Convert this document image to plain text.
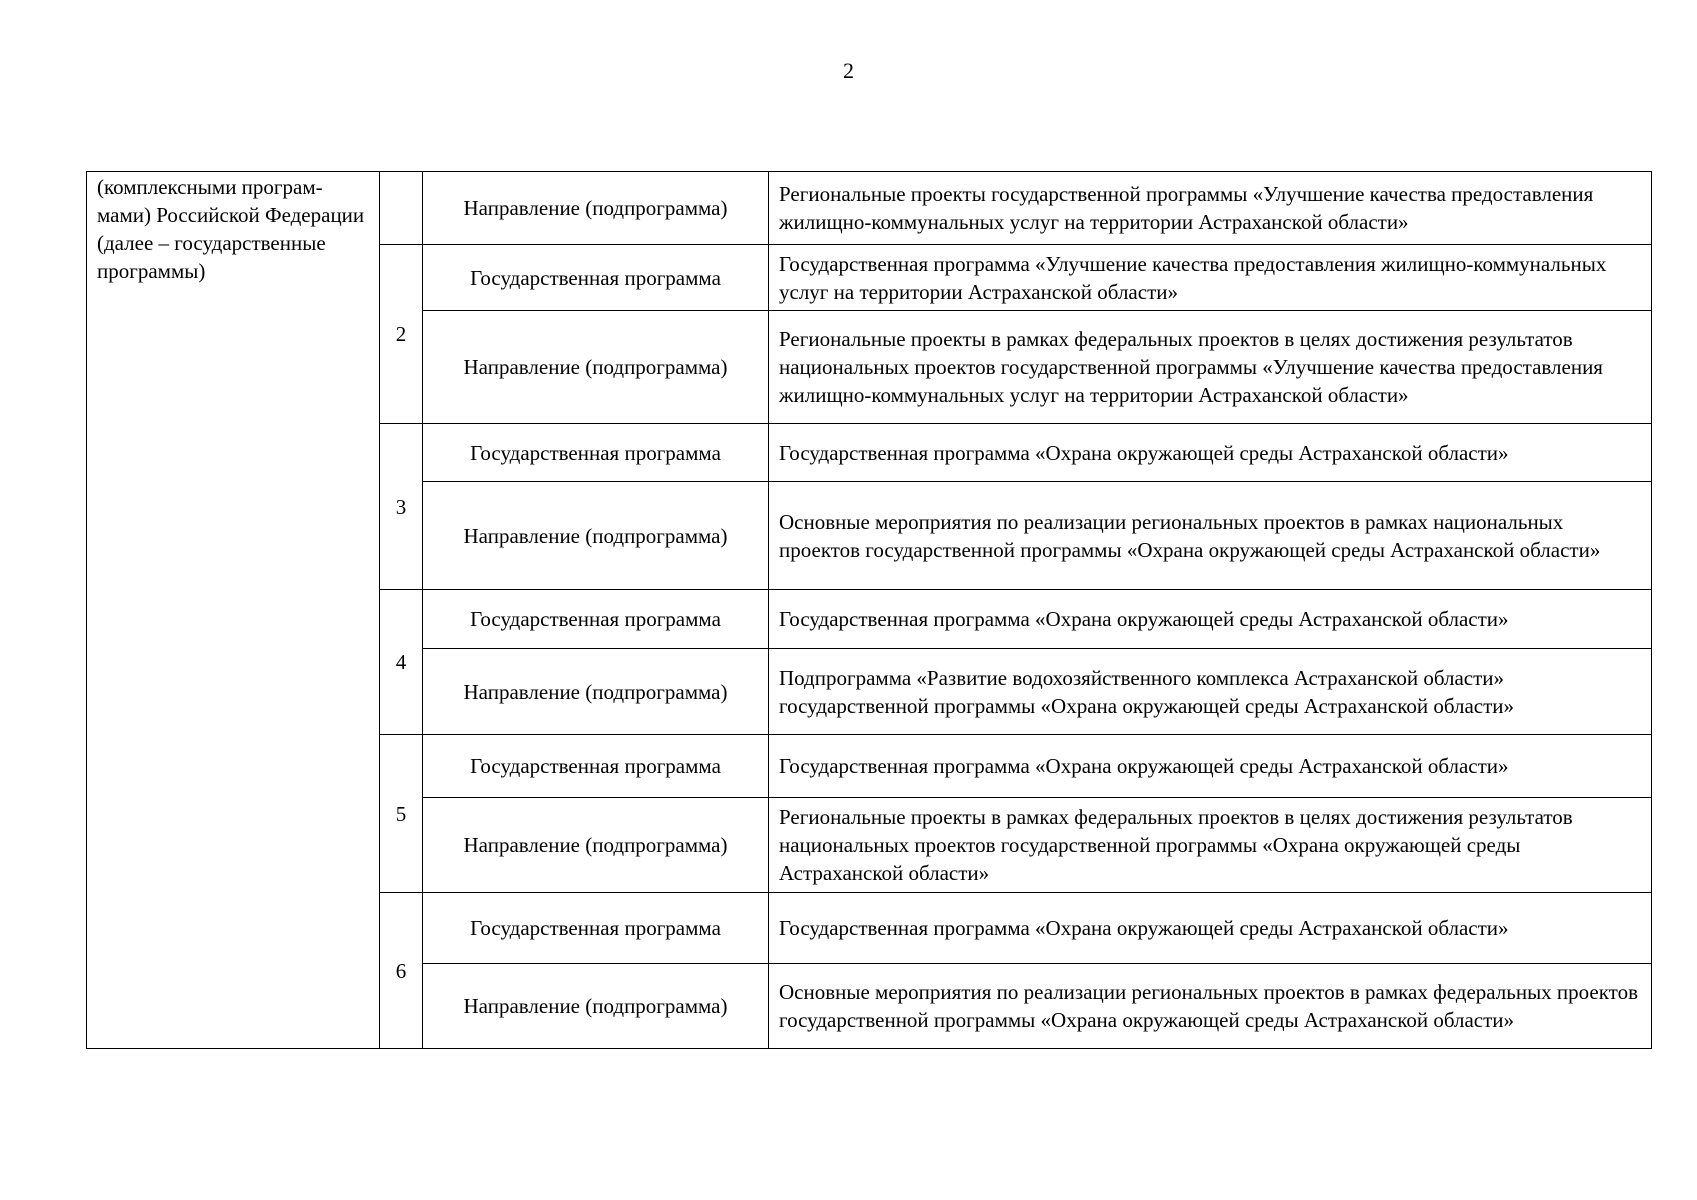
2
(комплексными программами) Российской Федерации (далее – государственные программы)		Направление (подпрограмма)	Региональные проекты государственной программы «Улучшение качества предоставления жилищно-коммунальных услуг на территории Астраханской области»
	2	Государственная программа	Государственная программа «Улучшение качества предоставления жилищно-коммунальных услуг на территории Астраханской области»
		Направление (подпрограмма)	Региональные проекты в рамках федеральных проектов в целях достижения результатов национальных проектов государственной программы «Улучшение качества предоставления жилищно-коммунальных услуг на территории Астраханской области»
	3	Государственная программа	Государственная программа «Охрана окружающей среды Астраханской области»
		Направление (подпрограмма)	Основные мероприятия по реализации региональных проектов в рамках национальных проектов государственной программы «Охрана окружающей среды Астраханской области»
	4	Государственная программа	Государственная программа «Охрана окружающей среды Астраханской области»
		Направление (подпрограмма)	Подпрограмма «Развитие водохозяйственного комплекса Астраханской области» государственной программы «Охрана окружающей среды Астраханской области»
	5	Государственная программа	Государственная программа «Охрана окружающей среды Астраханской области»
		Направление (подпрограмма)	Региональные проекты в рамках федеральных проектов в целях достижения результатов национальных проектов государственной программы «Охрана окружающей среды Астраханской области»
	6	Государственная программа	Государственная программа «Охрана окружающей среды Астраханской области»
		Направление (подпрограмма)	Основные мероприятия по реализации региональных проектов в рамках федеральных проектов государственной программы «Охрана окружающей среды Астраханской области»
